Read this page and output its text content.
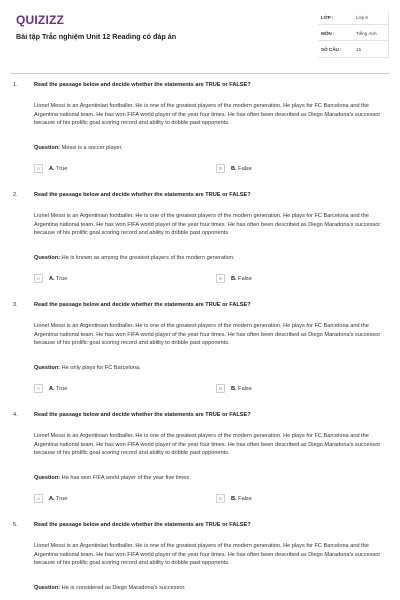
QUIZIZZ
Bài tập Trắc nghiệm Unit 12 Reading có đáp án
LỚP :	Lớp 6
MÔN :	Tiếng Anh
SỐ CÂU :	15
1.	Read the passage below and decide whether the statements are TRUE or FALSE?
Lionel Messi is an Argentinian footballer. He is one of the greatest players of the modern generation. He plays for FC Barcelona and the Argentina national team. He has won FIFA world player of the year four times. He has often been described as Diego Maradona's successor because of his prolific goal scoring record and ability to dribble past opponents.
Question: Messi is a soccer player.
A	A. True	B	B. False
2.	Read the passage below and decide whether the statements are TRUE or FALSE?
Lionel Messi is an Argentinian footballer. He is one of the greatest players of the modern generation. He plays for FC Barcelona and the Argentina national team. He has won FIFA world player of the year four times. He has often been described as Diego Maradona's successor because of his prolific goal scoring record and ability to dribble past opponents.
Question: He is known as among the greatest players of the modern generation.
A	A. True	B	B. False
3.	Read the passage below and decide whether the statements are TRUE or FALSE?
Lionel Messi is an Argentinian footballer. He is one of the greatest players of the modern generation. He plays for FC Barcelona and the Argentina national team. He has won FIFA world player of the year four times. He has often been described as Diego Maradona's successor because of his prolific goal scoring record and ability to dribble past opponents.
Question: He only plays for FC Barcelona.
A	A. True	B	B. False
4.	Read the passage below and decide whether the statements are TRUE or FALSE?
Lionel Messi is an Argentinian footballer. He is one of the greatest players of the modern generation. He plays for FC Barcelona and the Argentina national team. He has won FIFA world player of the year four times. He has often been described as Diego Maradona's successor because of his prolific goal scoring record and ability to dribble past opponents.
Question: He has won FIFA world player of the year five times
A	A. True	B	B. False
5.	Read the passage below and decide whether the statements are TRUE or FALSE?
Lionel Messi is an Argentinian footballer. He is one of the greatest players of the modern generation. He plays for FC Barcelona and the Argentina national team. He has won FIFA world player of the year four times. He has often been described as Diego Maradona's successor because of his prolific goal scoring record and ability to dribble past opponents.
Question: He is considered as Diego Maradona's successor.
